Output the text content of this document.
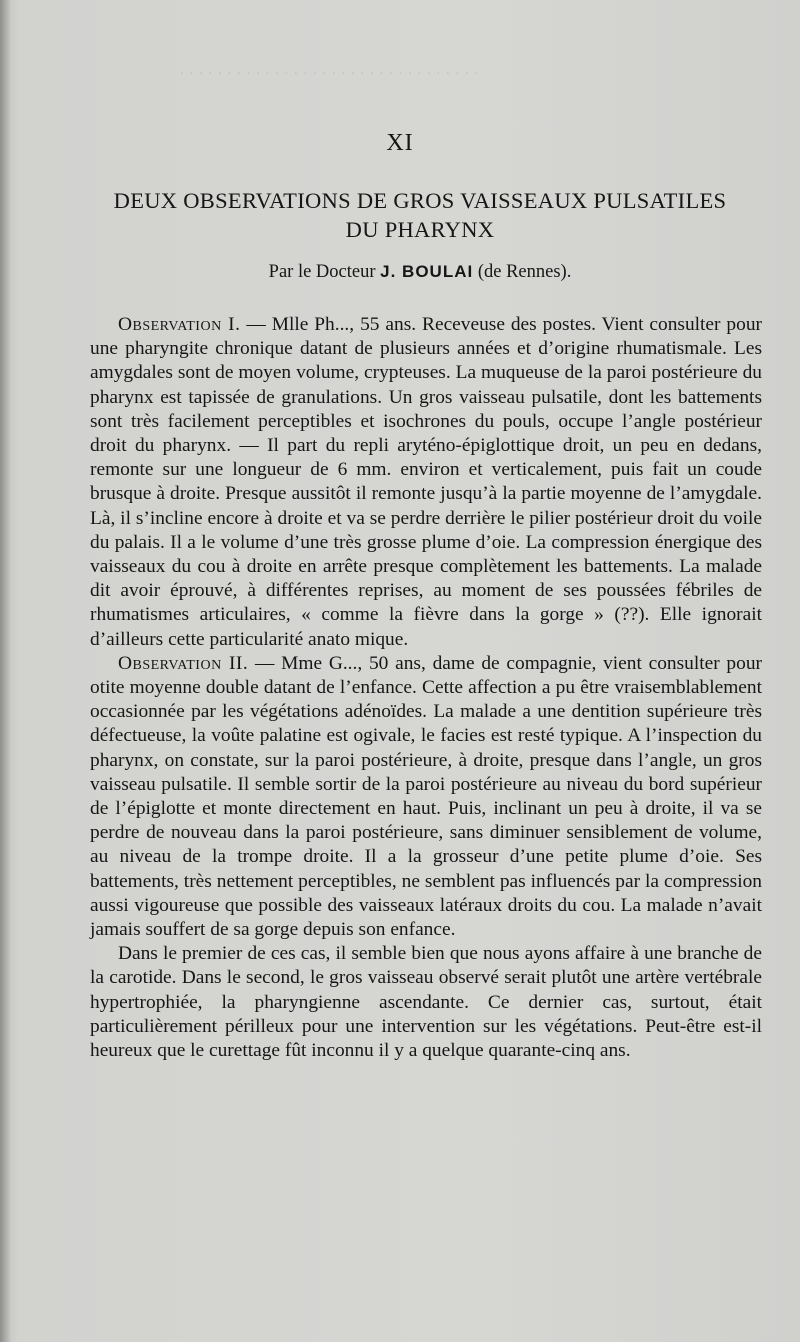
. . . . . . . . . . . . . . . . . . . . . . . . . . . . . . . .
XI
DEUX OBSERVATIONS DE GROS VAISSEAUX PULSATILES
DU PHARYNX
Par le Docteur J. BOULAI (de Rennes).

Observation I. — Mlle Ph..., 55 ans. Receveuse des postes. Vient consulter pour une pharyngite chronique datant de plusieurs années et d’origine rhumatismale. Les amygdales sont de moyen volume, crypteuses. La muqueuse de la paroi postérieure du pharynx est tapissée de granulations. Un gros vaisseau pulsatile, dont les battements sont très facilement perceptibles et isochrones du pouls, occupe l’angle postérieur droit du pharynx. — Il part du repli aryténo-épiglottique droit, un peu en dedans, remonte sur une longueur de 6 mm. environ et verticalement, puis fait un coude brusque à droite. Presque aussitôt il remonte jusqu’à la partie moyenne de l’amygdale. Là, il s’incline encore à droite et va se perdre derrière le pilier postérieur droit du voile du palais. Il a le volume d’une très grosse plume d’oie. La compression énergique des vaisseaux du cou à droite en arrête presque complètement les battements. La malade dit avoir éprouvé, à différentes reprises, au moment de ses poussées fébriles de rhumatismes articulaires, « comme la fièvre dans la gorge » (??). Elle ignorait d’ailleurs cette particularité anato mique.

Observation II. — Mme G..., 50 ans, dame de compagnie, vient consulter pour otite moyenne double datant de l’enfance. Cette affection a pu être vraisemblablement occasionnée par les végétations adénoïdes. La malade a une dentition supérieure très défectueuse, la voûte palatine est ogivale, le facies est resté typique. A l’inspection du pharynx, on constate, sur la paroi postérieure, à droite, presque dans l’angle, un gros vaisseau pulsatile. Il semble sortir de la paroi postérieure au niveau du bord supérieur de l’épiglotte et monte directement en haut. Puis, inclinant un peu à droite, il va se perdre de nouveau dans la paroi postérieure, sans diminuer sensiblement de volume, au niveau de la trompe droite. Il a la grosseur d’une petite plume d’oie. Ses battements, très nettement perceptibles, ne semblent pas influencés par la compression aussi vigoureuse que possible des vaisseaux latéraux droits du cou. La malade n’avait jamais souffert de sa gorge depuis son enfance.

Dans le premier de ces cas, il semble bien que nous ayons affaire à une branche de la carotide. Dans le second, le gros vaisseau observé serait plutôt une artère vertébrale hypertrophiée, la pharyngienne ascendante. Ce dernier cas, surtout, était particulièrement périlleux pour une intervention sur les végétations. Peut-être est-il heureux que le curettage fût inconnu il y a quelque quarante-cinq ans.
